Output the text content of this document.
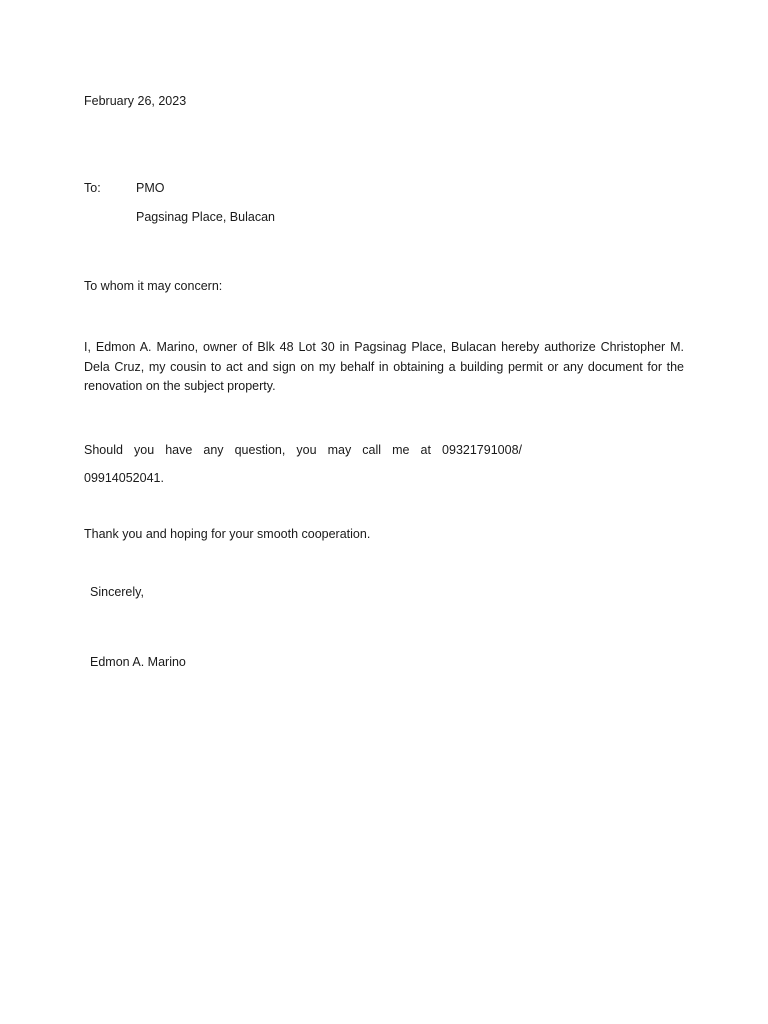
February 26, 2023
To:	PMO
Pagsinag Place, Bulacan
To whom it may concern:
I, Edmon A. Marino, owner of Blk 48 Lot 30 in Pagsinag Place, Bulacan hereby authorize Christopher M. Dela Cruz, my cousin to act and sign on my behalf in obtaining a building permit or any document for the renovation on the subject property.
Should you have any question, you may call me at 09321791008/
09914052041.
Thank you and hoping for your smooth cooperation.
Sincerely,
Edmon A. Marino
